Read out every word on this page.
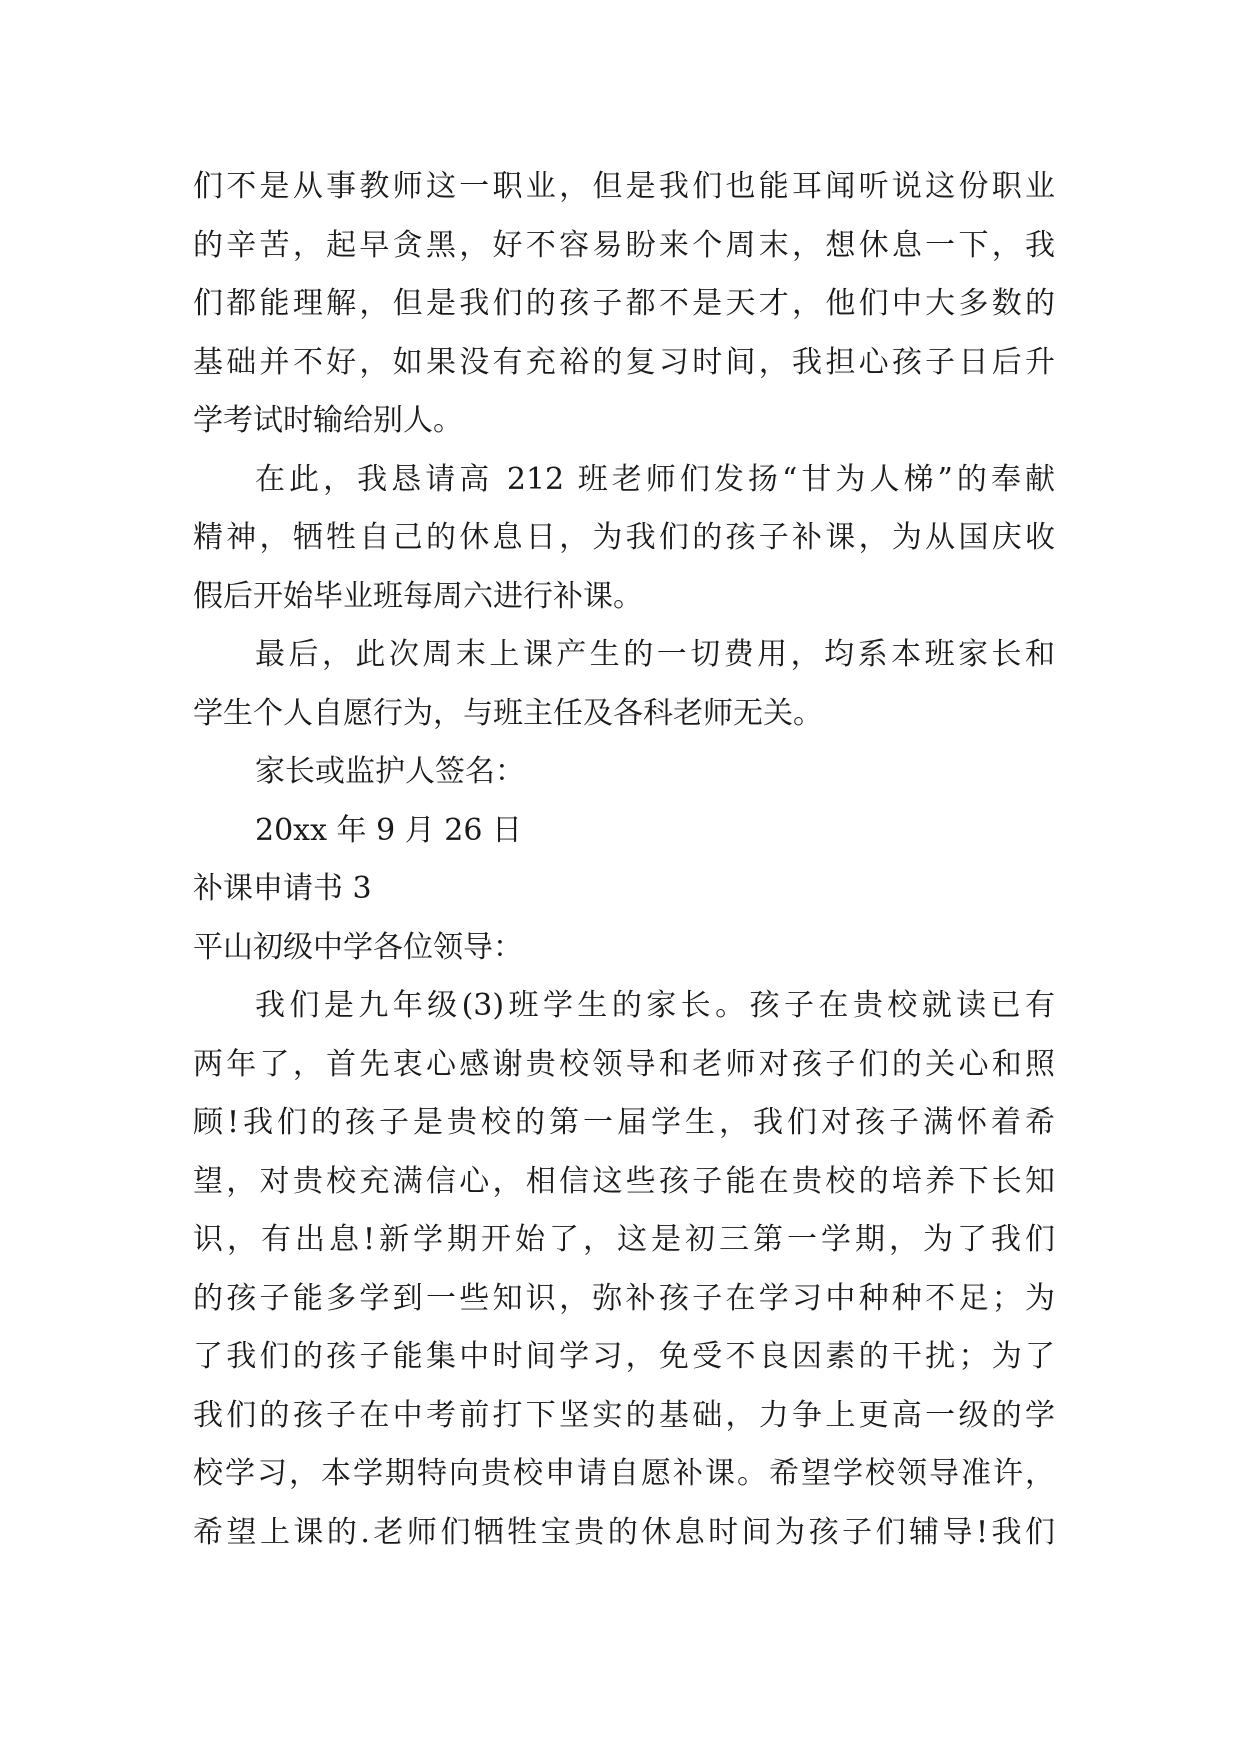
们不是从事教师这一职业，但是我们也能耳闻听说这份职业
的辛苦，起早贪黑，好不容易盼来个周末，想休息一下，我
们都能理解，但是我们的孩子都不是天才，他们中大多数的
基础并不好，如果没有充裕的复习时间，我担心孩子日后升
学考试时输给别人。
在此，我恳请高 212 班老师们发扬“甘为人梯”的奉献
精神，牺牲自己的休息日，为我们的孩子补课，为从国庆收
假后开始毕业班每周六进行补课。
最后，此次周末上课产生的一切费用，均系本班家长和
学生个人自愿行为，与班主任及各科老师无关。
家长或监护人签名：
20xx 年 9 月 26 日
补课申请书 3
平山初级中学各位领导：
我们是九年级(3)班学生的家长。孩子在贵校就读已有
两年了，首先衷心感谢贵校领导和老师对孩子们的关心和照
顾!我们的孩子是贵校的第一届学生，我们对孩子满怀着希
望，对贵校充满信心，相信这些孩子能在贵校的培养下长知
识，有出息!新学期开始了，这是初三第一学期，为了我们
的孩子能多学到一些知识，弥补孩子在学习中种种不足；为
了我们的孩子能集中时间学习，免受不良因素的干扰；为了
我们的孩子在中考前打下坚实的基础，力争上更高一级的学
校学习，本学期特向贵校申请自愿补课。希望学校领导准许，
希望上课的.老师们牺牲宝贵的休息时间为孩子们辅导!我们
